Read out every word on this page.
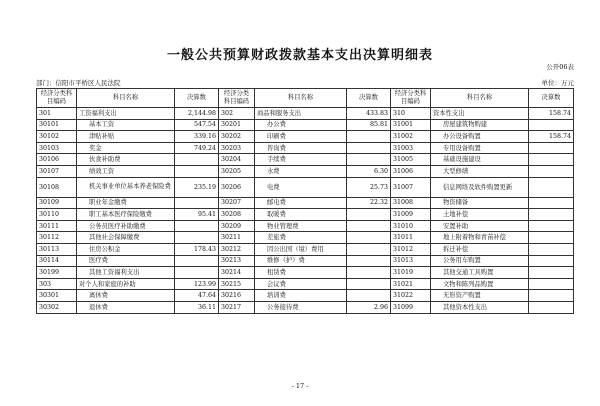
一般公共预算财政拨款基本支出决算明细表
公开06表
部门：信阳市平桥区人民法院	单位：万元
经济分类科目编码	科目名称	决算数	经济分类科目编码	科目名称	决算数	经济分类科目编码	科目名称	决算数
301	工资福利支出	2,144.98	302	商品和服务支出	433.83	310	资本性支出	158.74
30101	基本工资	547.54	30201	办公费	85.81	31001	房屋建筑物购建	
30102	津贴补贴	339.16	30202	印刷费		31002	办公设备购置	158.74
30103	奖金	749.24	30203	咨询费		31003	专用设备购置	
30106	伙食补助费		30204	手续费		31005	基础设施建设	
30107	绩效工资		30205	水费	6.30	31006	大型修缮	
30108	机关事业单位基本养老保险费	235.19	30206	电费	25.73	31007	信息网络及软件购置更新	
30109	职业年金缴费		30207	邮电费	22.32	31008	物资储备	
30110	职工基本医疗保险缴费	95.41	30208	取暖费		31009	土地补偿	
30111	公务员医疗补助缴费		30209	物业管理费		31010	安置补助	
30112	其他社会保障缴费		30211	差旅费		31011	地上附着物和青苗补偿	
30113	住房公积金	178.43	30212	因公出国（境）费用		31012	拆迁补偿	
30114	医疗费		30213	维修（护）费		31013	公务用车购置	
30199	其他工资福利支出		30214	租赁费		31019	其他交通工具购置	
303	对个人和家庭的补助	123.99	30215	会议费		31021	文物和陈列品购置	
30301	离休费	47.64	30216	培训费		31022	无形资产购置	
30302	退休费	36.11	30217	公务接待费	2.96	31099	其他资本性支出	
- 17 -
